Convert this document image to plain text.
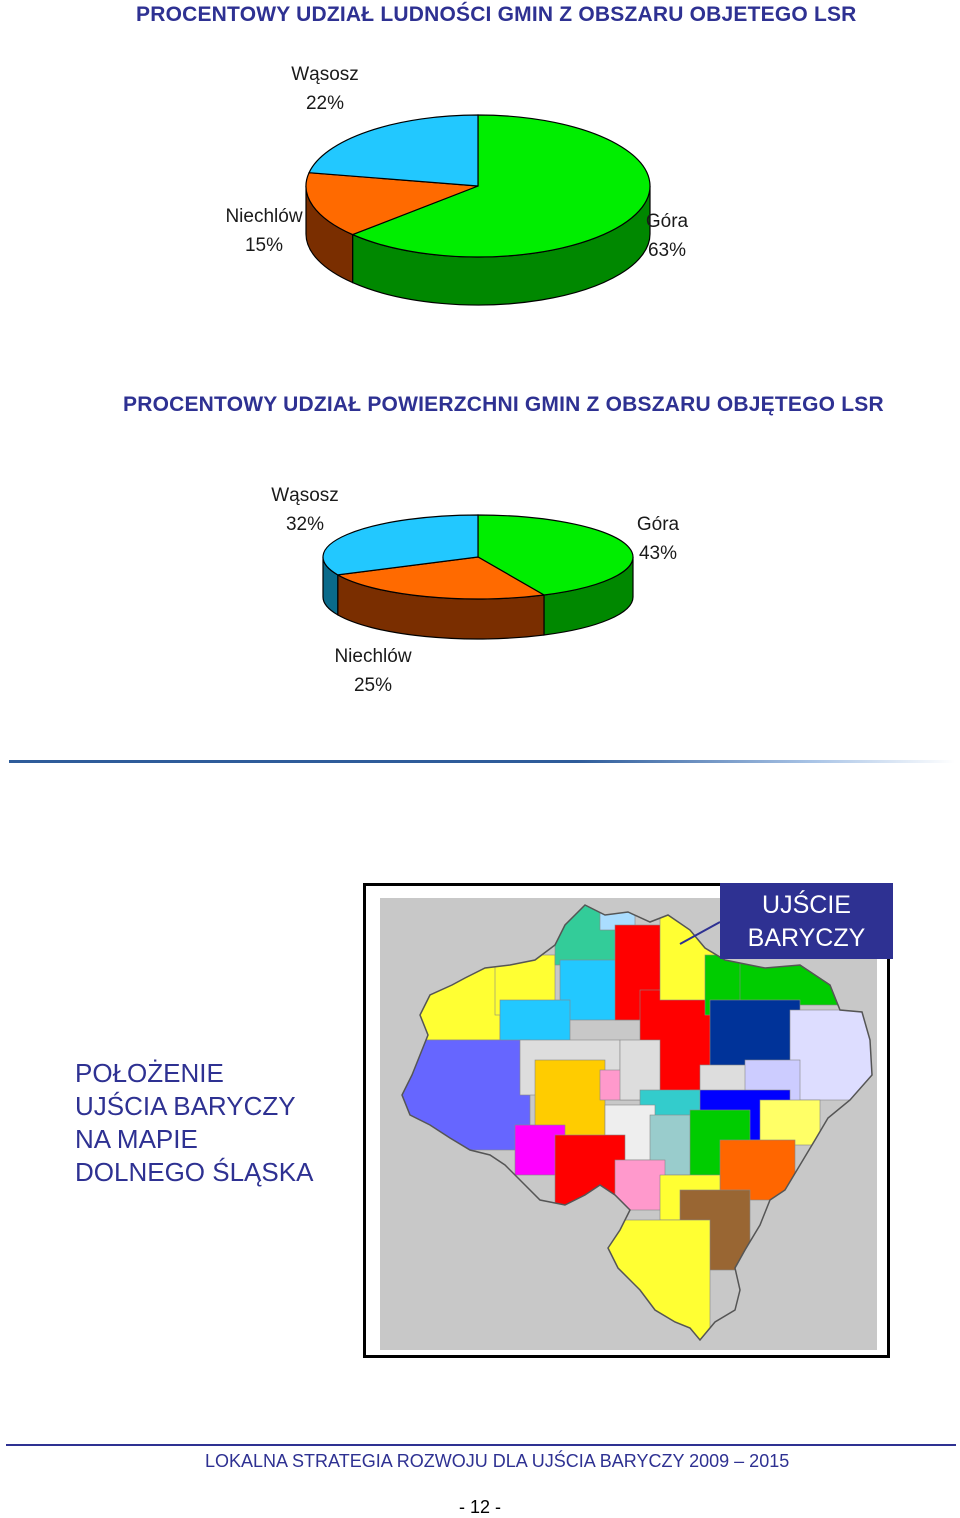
PROCENTOWY UDZIAŁ LUDNOŚCI GMIN Z OBSZARU OBJETEGO LSR
Wąsosz
22%
Niechlów
15%
Góra
63%
PROCENTOWY UDZIAŁ POWIERZCHNI GMIN Z OBSZARU OBJĘTEGO LSR
Wąsosz
32%	Góra
43%
Niechlów
25%
UJŚCIE
BARYCZY
POŁOŻENIE
UJŚCIA BARYCZY
NA MAPIE
DOLNEGO ŚLĄSKA
LOKALNA STRATEGIA ROZWOJU DLA UJŚCIA BARYCZY 2009 – 2015
- 12 -
